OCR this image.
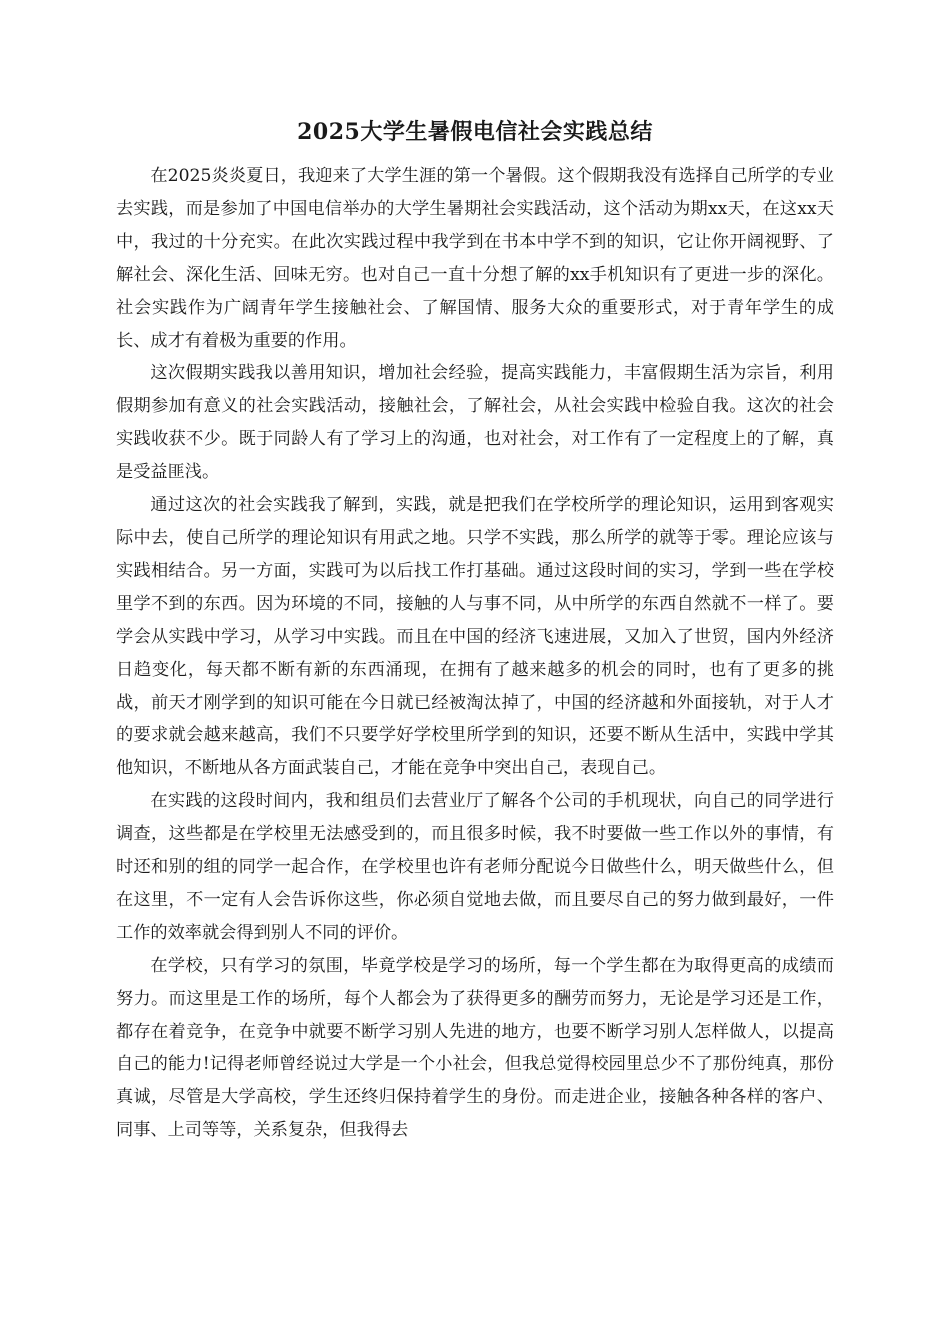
2025大学生暑假电信社会实践总结

在2025炎炎夏日，我迎来了大学生涯的第一个暑假。这个假期我没有选择自己所学的专业去实践，而是参加了中国电信举办的大学生暑期社会实践活动，这个活动为期xx天，在这xx天中，我过的十分充实。在此次实践过程中我学到在书本中学不到的知识，它让你开阔视野、了解社会、深化生活、回味无穷。也对自己一直十分想了解的xx手机知识有了更进一步的深化。社会实践作为广阔青年学生接触社会、了解国情、服务大众的重要形式，对于青年学生的成长、成才有着极为重要的作用。

这次假期实践我以善用知识，增加社会经验，提高实践能力，丰富假期生活为宗旨，利用假期参加有意义的社会实践活动，接触社会，了解社会，从社会实践中检验自我。这次的社会实践收获不少。既于同龄人有了学习上的沟通，也对社会，对工作有了一定程度上的了解，真是受益匪浅。

通过这次的社会实践我了解到，实践，就是把我们在学校所学的理论知识，运用到客观实际中去，使自己所学的理论知识有用武之地。只学不实践，那么所学的就等于零。理论应该与实践相结合。另一方面，实践可为以后找工作打基础。通过这段时间的实习，学到一些在学校里学不到的东西。因为环境的不同，接触的人与事不同，从中所学的东西自然就不一样了。要学会从实践中学习，从学习中实践。而且在中国的经济飞速进展，又加入了世贸，国内外经济日趋变化，每天都不断有新的东西涌现，在拥有了越来越多的机会的同时，也有了更多的挑战，前天才刚学到的知识可能在今日就已经被淘汰掉了，中国的经济越和外面接轨，对于人才的要求就会越来越高，我们不只要学好学校里所学到的知识，还要不断从生活中，实践中学其他知识，不断地从各方面武装自己，才能在竞争中突出自己，表现自己。

在实践的这段时间内，我和组员们去营业厅了解各个公司的手机现状，向自己的同学进行调查，这些都是在学校里无法感受到的，而且很多时候，我不时要做一些工作以外的事情，有时还和别的组的同学一起合作，在学校里也许有老师分配说今日做些什么，明天做些什么，但在这里，不一定有人会告诉你这些，你必须自觉地去做，而且要尽自己的努力做到最好，一件工作的效率就会得到别人不同的评价。

在学校，只有学习的氛围，毕竟学校是学习的场所，每一个学生都在为取得更高的成绩而努力。而这里是工作的场所，每个人都会为了获得更多的酬劳而努力，无论是学习还是工作，都存在着竞争，在竞争中就要不断学习别人先进的地方，也要不断学习别人怎样做人，以提高自己的能力!记得老师曾经说过大学是一个小社会，但我总觉得校园里总少不了那份纯真，那份真诚，尽管是大学高校，学生还终归保持着学生的身份。而走进企业，接触各种各样的客户、同事、上司等等，关系复杂，但我得去
